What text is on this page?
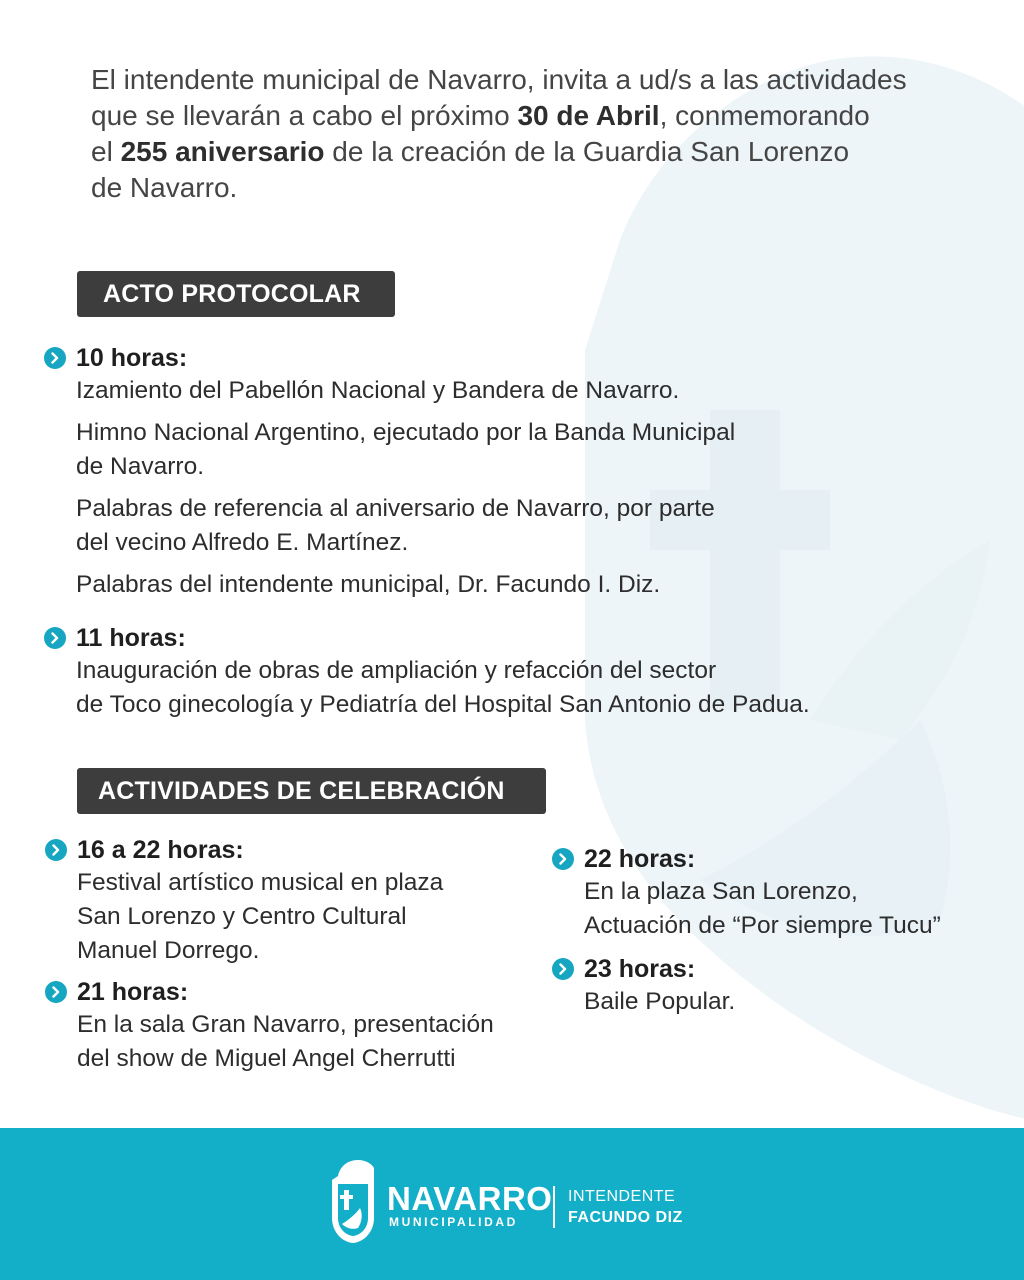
El intendente municipal de Navarro, invita a ud/s a las actividades

que se llevarán a cabo el próximo 30 de Abril, conmemorando

el 255 aniversario de la creación de la Guardia San Lorenzo

de Navarro.

ACTO PROTOCOLAR
10 horas:

Izamiento del Pabellón Nacional y Bandera de Navarro.

Himno Nacional Argentino, ejecutado por la Banda Municipal

de Navarro.

Palabras de referencia al aniversario de Navarro, por parte

del vecino Alfredo E. Martínez.

Palabras del intendente municipal, Dr. Facundo I. Diz.

11 horas:

Inauguración de obras de ampliación y refacción del sector

de Toco ginecología y Pediatría del Hospital San Antonio de Padua.

ACTIVIDADES DE CELEBRACIÓN
16 a 22 horas:

Festival artístico musical en plaza

San Lorenzo y Centro Cultural

Manuel Dorrego.

21 horas:

En la sala Gran Navarro, presentación

del show de Miguel Angel Cherrutti

22 horas:

En la plaza San Lorenzo,

Actuación de “Por siempre Tucu”

23 horas:

Baile Popular.

NAVARRO
MUNICIPALIDAD
INTENDENTE
FACUNDO DIZ
